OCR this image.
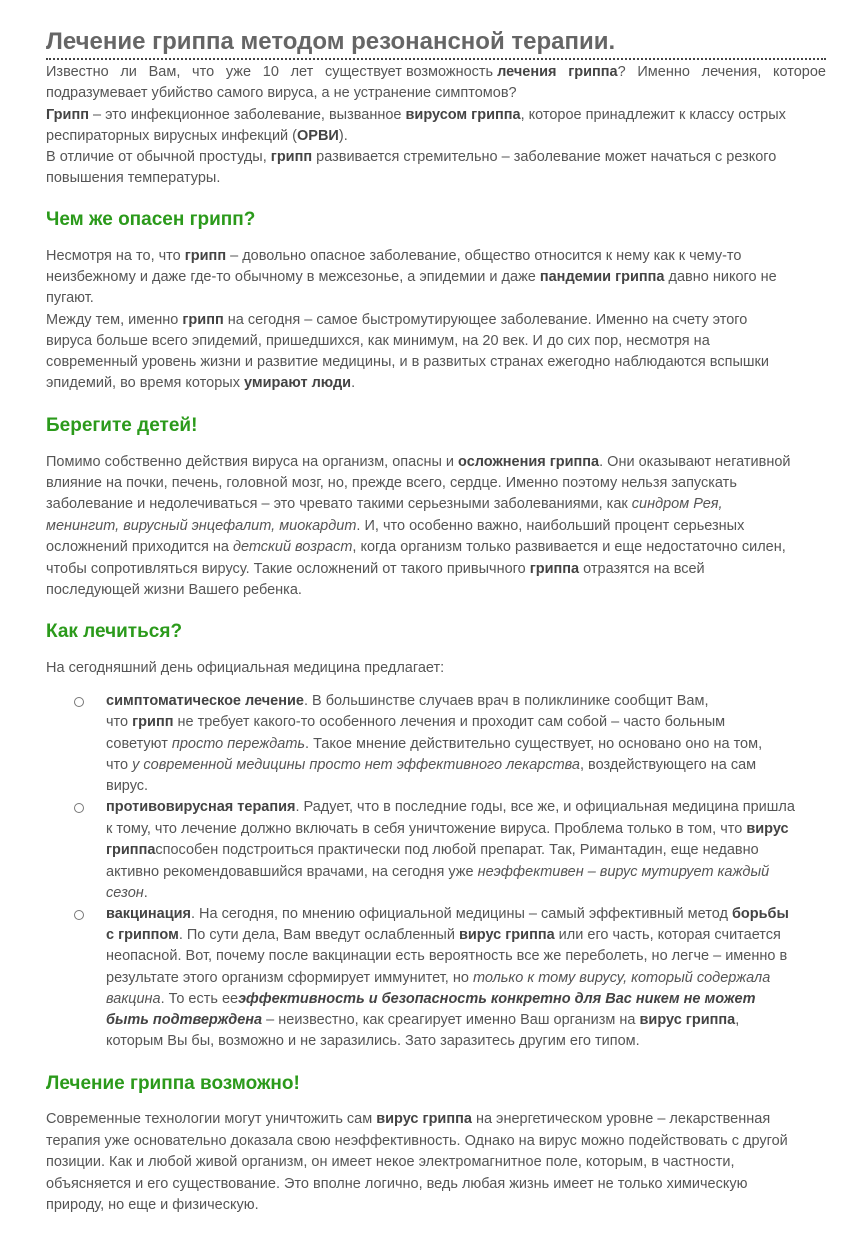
Лечение гриппа методом резонансной терапии.
Известно ли Вам, что уже 10 лет существует возможность лечения гриппа? Именно лечения, которое
подразумевает убийство самого вируса, а не устранение симптомов?
Грипп – это инфекционное заболевание, вызванное вирусом гриппа, которое принадлежит к классу острых
респираторных вирусных инфекций (ОРВИ).
В отличие от обычной простуды, грипп развивается стремительно – заболевание может начаться с резкого
повышения температуры.
Чем же опасен грипп?
Несмотря на то, что грипп – довольно опасное заболевание, общество относится к нему как к чему-то
неизбежному и даже где-то обычному в межсезонье, а эпидемии и даже пандемии гриппа давно никого не
пугают.
Между тем, именно грипп на сегодня – самое быстромутирующее заболевание. Именно на счету этого
вируса больше всего эпидемий, пришедшихся, как минимум, на 20 век. И до сих пор, несмотря на
современный уровень жизни и развитие медицины, и в развитых странах ежегодно наблюдаются вспышки
эпидемий, во время которых умирают люди.
Берегите детей!
Помимо собственно действия вируса на организм, опасны и осложнения гриппа. Они оказывают негативной
влияние на почки, печень, головной мозг, но, прежде всего, сердце. Именно поэтому нельзя запускать
заболевание и недолечиваться – это чревато такими серьезными заболеваниями, как синдром Рея,
менингит, вирусный энцефалит, миокардит. И, что особенно важно, наибольший процент серьезных
осложнений приходится на детский возраст, когда организм только развивается и еще недостаточно силен,
чтобы сопротивляться вирусу. Такие осложнений от такого привычного гриппа отразятся на всей
последующей жизни Вашего ребенка.
Как лечиться?
На сегодняшний день официальная медицина предлагает:
симптоматическое лечение. В большинстве случаев врач в поликлинике сообщит Вам,
что грипп не требует какого-то особенного лечения и проходит сам собой – часто больным
советуют просто переждать. Такое мнение действительно существует, но основано оно на том,
что у современной медицины просто нет эффективного лекарства, воздействующего на сам
вирус.
противовирусная терапия. Радует, что в последние годы, все же, и официальная медицина пришла
к тому, что лечение должно включать в себя уничтожение вируса. Проблема только в том, что вирус
гриппаспособен подстроиться практически под любой препарат. Так, Римантадин, еще недавно
активно рекомендовавшийся врачами, на сегодня уже неэффективен – вирус мутирует каждый
сезон.
вакцинация. На сегодня, по мнению официальной медицины – самый эффективный метод борьбы
с гриппом. По сути дела, Вам введут ослабленный вирус гриппа или его часть, которая считается
неопасной. Вот, почему после вакцинации есть вероятность все же переболеть, но легче – именно в
результате этого организм сформирует иммунитет, но только к тому вирусу, который содержала
вакцина. То есть ееэффективность и безопасность конкретно для Вас никем не может
быть подтверждена – неизвестно, как среагирует именно Ваш организм на вирус гриппа,
которым Вы бы, возможно и не заразились. Зато заразитесь другим его типом.
Лечение гриппа возможно!
Современные технологии могут уничтожить сам вирус гриппа на энергетическом уровне – лекарственная
терапия уже основательно доказала свою неэффективность. Однако на вирус можно подействовать с другой
позиции. Как и любой живой организм, он имеет некое электромагнитное поле, которым, в частности,
объясняется и его существование. Это вполне логично, ведь любая жизнь имеет не только химическую
природу, но еще и физическую.
